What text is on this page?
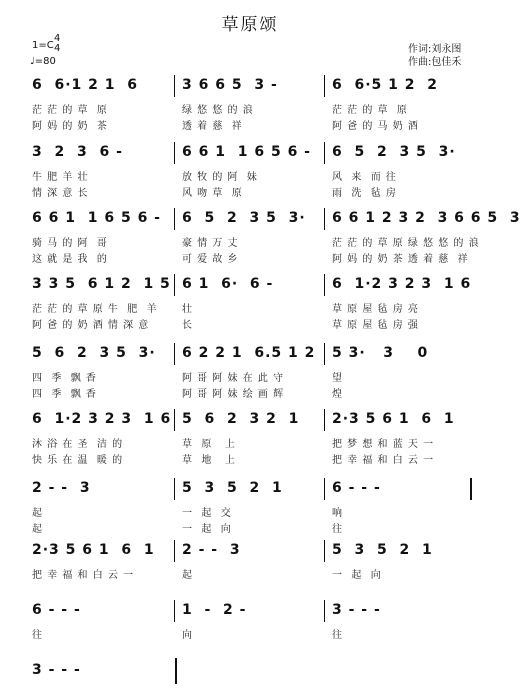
草原颂
1=C
4
4
♩=80
作词:刘永图
作曲:包佳禾
6  6·1 2 1  6
茫 茫 的 草  原
阿 妈 的 奶  茶
3 6 6 5  3 -
绿 悠 悠 的 浪
透 着 慈  祥
6  6·5 1 2  2
茫 茫 的 草  原
阿 爸 的 马 奶 酒
3  2  3  6 -
牛 肥 羊 壮
情 深 意 长
6 6 1  1 6 5 6 -
放 牧 的 阿  妹
风 吻 草  原
6  5  2  3 5  3·
风  来  而 往
雨  洗  毡 房
6 6 1  1 6 5 6 -
骑 马 的 阿  哥
这 就 是 我  的
6  5  2  3 5  3·
豪 情 万 丈
可 爱 故 乡
6 6 1 2 3 2  3 6 6 5  3
茫 茫 的 草 原 绿 悠 悠 的 浪
阿 妈 的 奶 茶 透 着 慈  祥
3 3 5  6 1 2  1 5
茫 茫 的 草 原 牛  肥  羊
阿 爸 的 奶 酒 情 深 意
6 1  6·  6 -
壮
长
6  1·2 3 2 3  1 6
草 原 屋 毡 房 亮
草 原 屋 毡 房 强
5  6  2  3 5  3·
四  季  飘 香
四  季  飘 香
6 2 2 1  6.5 1 2
阿 哥 阿 妹 在 此 守
阿 哥 阿 妹 绘 画 辉
5 3·   3    0
望
煌
6  1·2 3 2 3  1 6
沐 浴 在 圣  洁 的
快 乐 在 温  暖 的
5  6  2  3 2  1
草  原   上
草  地   上
2·3 5 6 1  6  1
把 梦 想 和 蓝 天 一
把 幸 福 和 白 云 一
2 - -  3
起
起
5  3  5  2  1
一  起  交
一  起  向
6 - - -
响
往
2·3 5 6 1  6  1
把 幸 福 和 白 云 一
2 - -  3
起
5  3  5  2  1
一  起  向
6 - - -
往
1  -  2 -
向
3 - - -
往
3 - - -
